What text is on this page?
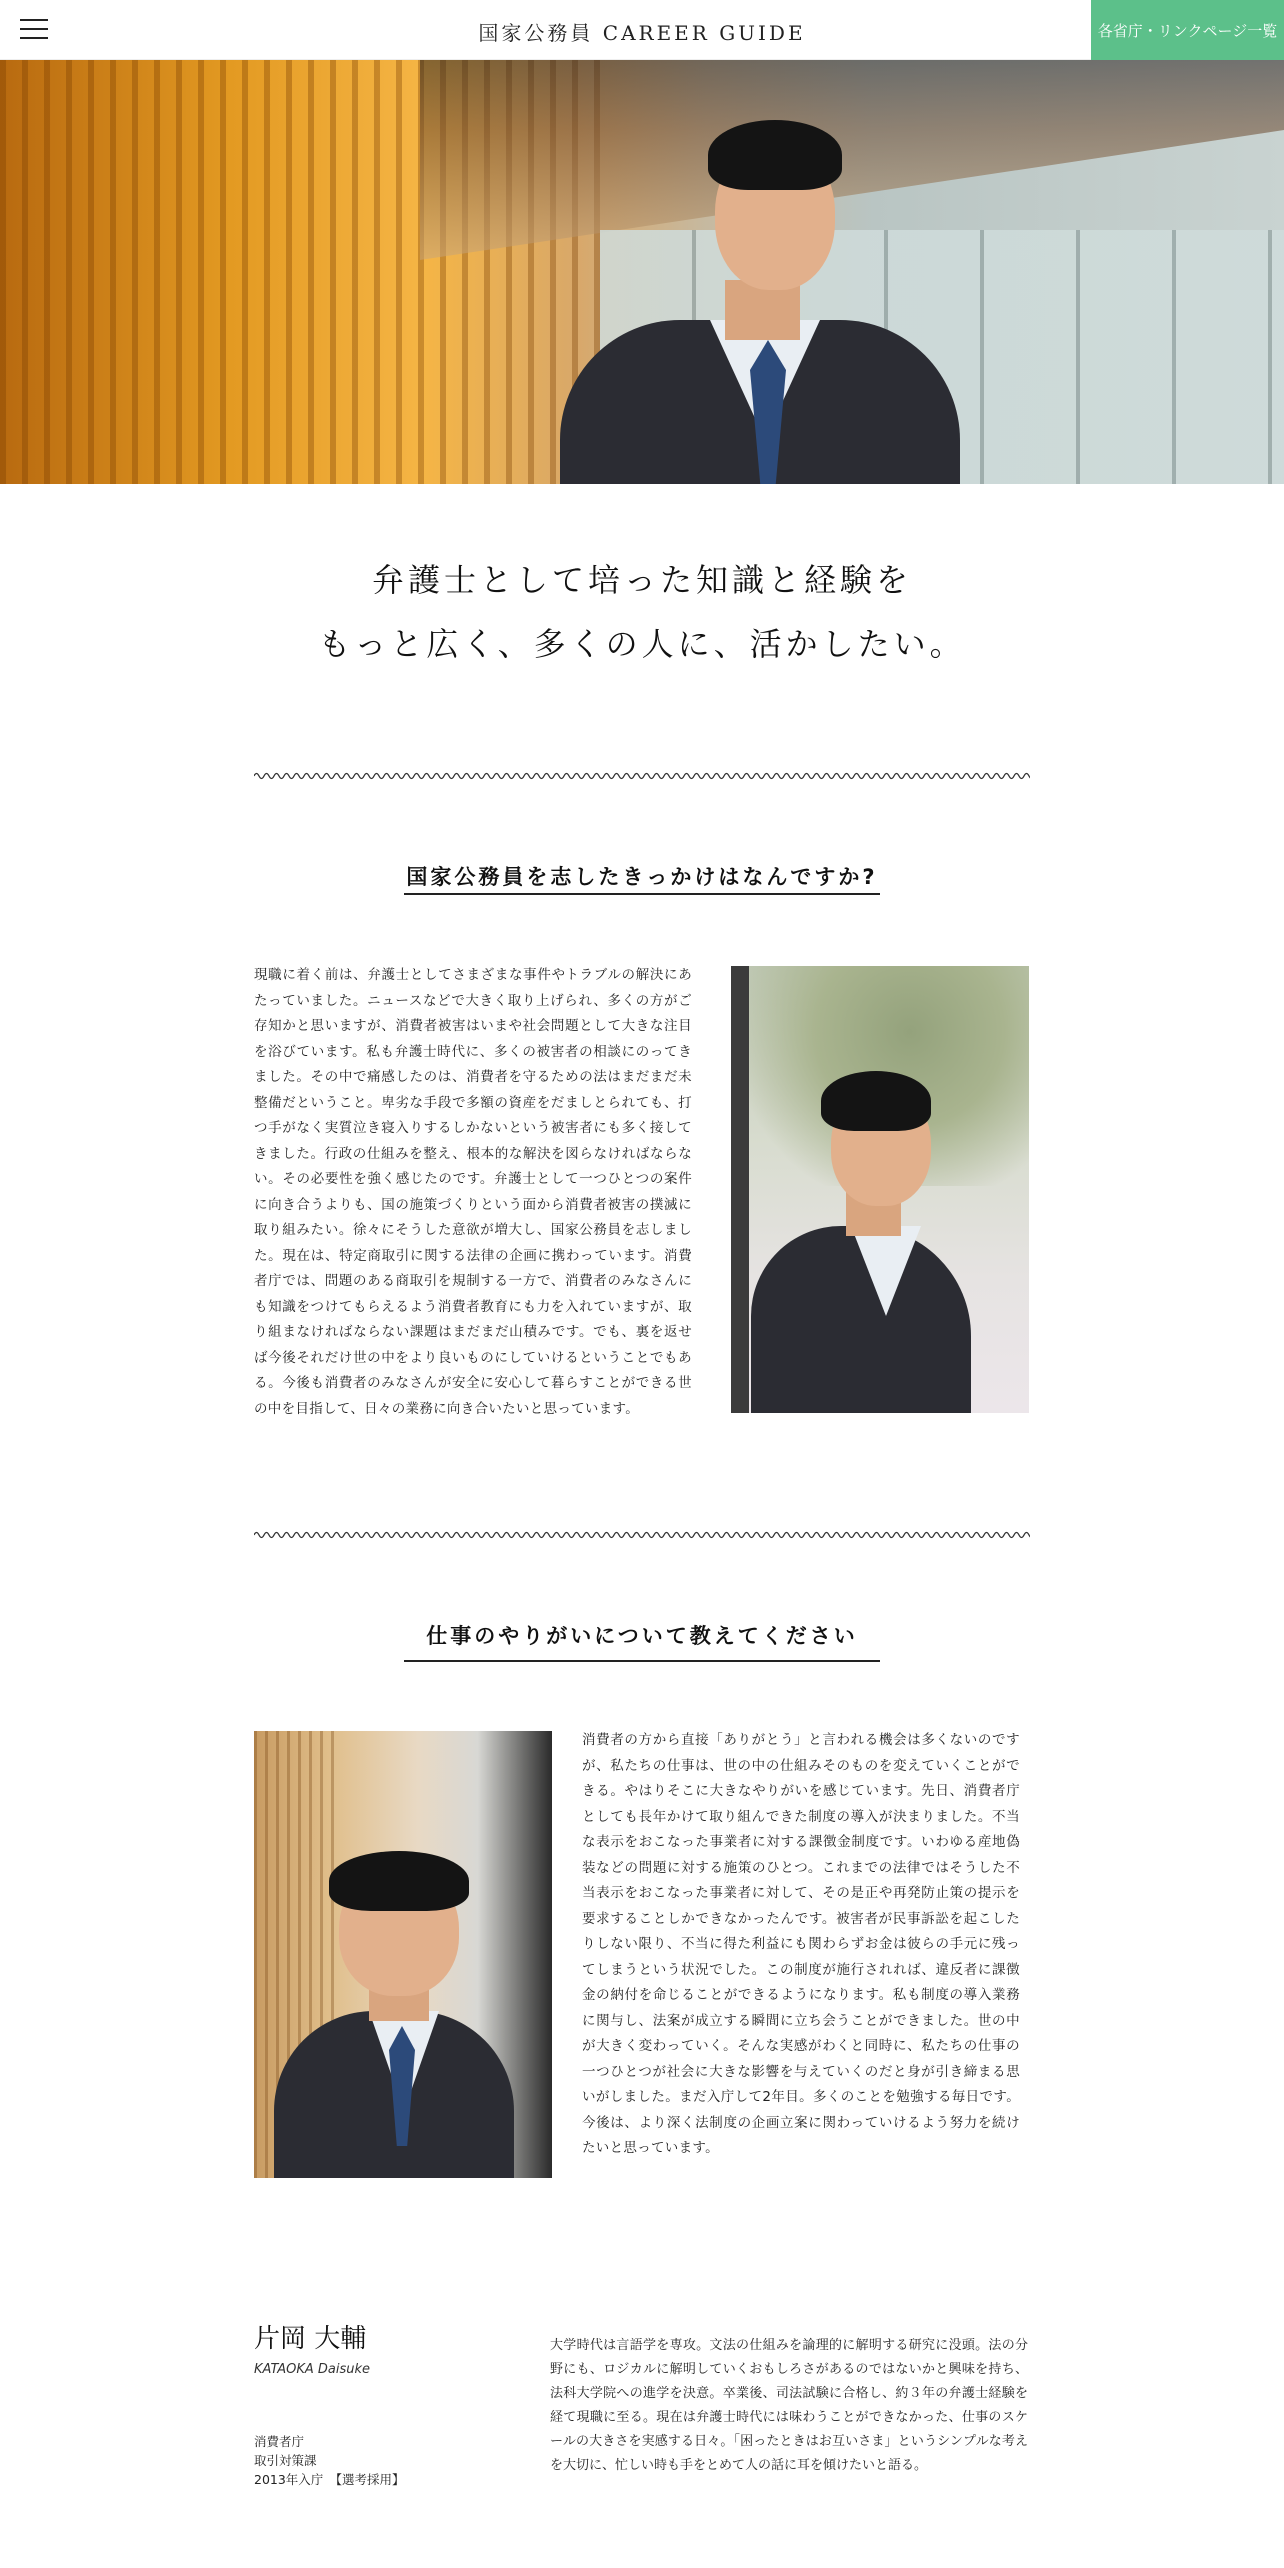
国家公務員 CAREER GUIDE	各省庁・リンクページ一覧
弁護士として培った知識と経験を
もっと広く、多くの人に、活かしたい。
国家公務員を志したきっかけはなんですか?
現職に着く前は、弁護士としてさまざまな事件やトラブルの解決にあたっていました。ニュースなどで大きく取り上げられ、多くの方がご存知かと思いますが、消費者被害はいまや社会問題として大きな注目を浴びています。私も弁護士時代に、多くの被害者の相談にのってきました。その中で痛感したのは、消費者を守るための法はまだまだ未整備だということ。卑劣な手段で多額の資産をだましとられても、打つ手がなく実質泣き寝入りするしかないという被害者にも多く接してきました。行政の仕組みを整え、根本的な解決を図らなければならない。その必要性を強く感じたのです。弁護士として一つひとつの案件に向き合うよりも、国の施策づくりという面から消費者被害の撲滅に取り組みたい。徐々にそうした意欲が増大し、国家公務員を志しました。現在は、特定商取引に関する法律の企画に携わっています。消費者庁では、問題のある商取引を規制する一方で、消費者のみなさんにも知識をつけてもらえるよう消費者教育にも力を入れていますが、取り組まなければならない課題はまだまだ山積みです。でも、裏を返せば今後それだけ世の中をより良いものにしていけるということでもある。今後も消費者のみなさんが安全に安心して暮らすことができる世の中を目指して、日々の業務に向き合いたいと思っています。
仕事のやりがいについて教えてください
消費者の方から直接「ありがとう」と言われる機会は多くないのですが、私たちの仕事は、世の中の仕組みそのものを変えていくことができる。やはりそこに大きなやりがいを感じています。先日、消費者庁としても長年かけて取り組んできた制度の導入が決まりました。不当な表示をおこなった事業者に対する課徴金制度です。いわゆる産地偽装などの問題に対する施策のひとつ。これまでの法律ではそうした不当表示をおこなった事業者に対して、その是正や再発防止策の提示を要求することしかできなかったんです。被害者が民事訴訟を起こしたりしない限り、不当に得た利益にも関わらずお金は彼らの手元に残ってしまうという状況でした。この制度が施行されれば、違反者に課徴金の納付を命じることができるようになります。私も制度の導入業務に関与し、法案が成立する瞬間に立ち会うことができました。世の中が大きく変わっていく。そんな実感がわくと同時に、私たちの仕事の一つひとつが社会に大きな影響を与えていくのだと身が引き締まる思いがしました。まだ入庁して2年目。多くのことを勉強する毎日です。今後は、より深く法制度の企画立案に関わっていけるよう努力を続けたいと思っています。
片岡 大輔
KATAOKA Daisuke
消費者庁
取引対策課
2013年入庁　【選考採用】
大学時代は言語学を専攻。文法の仕組みを論理的に解明する研究に没頭。法の分野にも、ロジカルに解明していくおもしろさがあるのではないかと興味を持ち、法科大学院への進学を決意。卒業後、司法試験に合格し、約３年の弁護士経験を経て現職に至る。現在は弁護士時代には味わうことができなかった、仕事のスケールの大きさを実感する日々。「困ったときはお互いさま」というシンプルな考えを大切に、忙しい時も手をとめて人の話に耳を傾けたいと語る。
